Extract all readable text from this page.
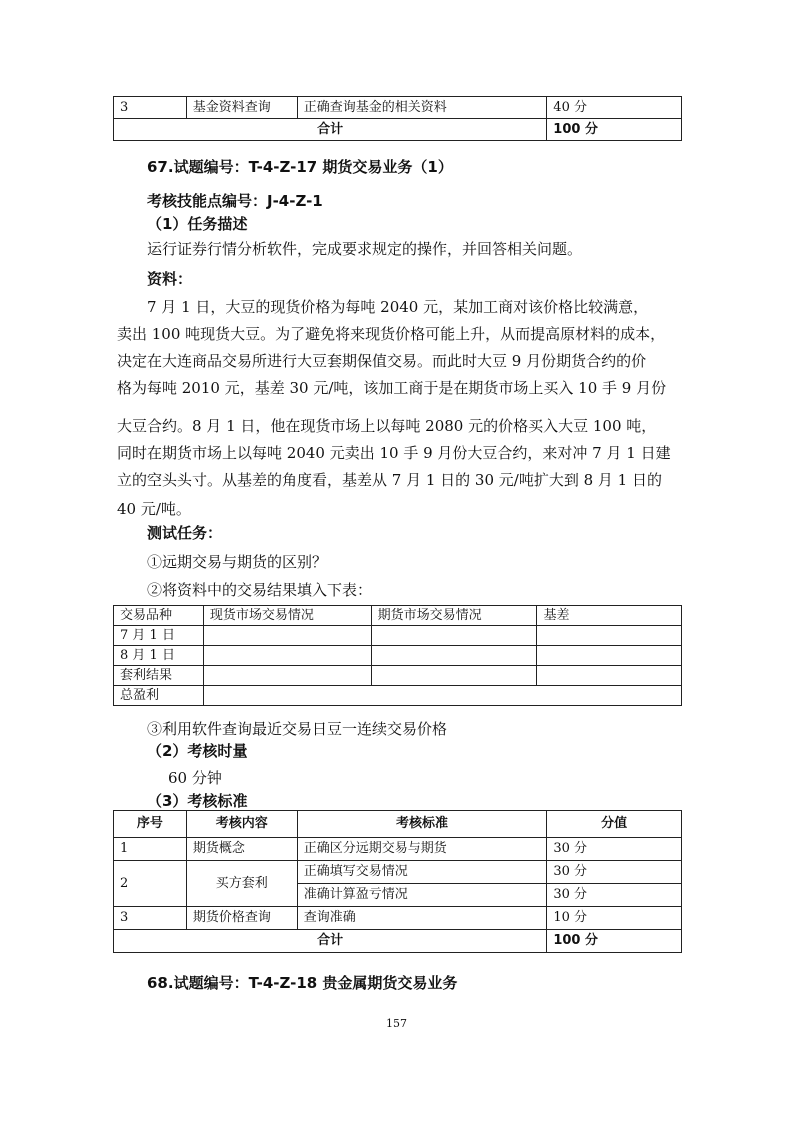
3	基金资料查询	正确查询基金的相关资料	40 分
合计			100 分
67.试题编号：T-4-Z-17 期货交易业务（1）
考核技能点编号：J-4-Z-1
（1）任务描述
运行证券行情分析软件，完成要求规定的操作，并回答相关问题。
资料：
7 月 1 日，大豆的现货价格为每吨 2040 元，某加工商对该价格比较满意，
卖出 100 吨现货大豆。为了避免将来现货价格可能上升，从而提高原材料的成本，
决定在大连商品交易所进行大豆套期保值交易。而此时大豆 9 月份期货合约的价
格为每吨 2010 元，基差 30 元/吨，该加工商于是在期货市场上买入 10 手 9 月份
大豆合约。8 月 1 日，他在现货市场上以每吨 2080 元的价格买入大豆 100 吨，
同时在期货市场上以每吨 2040 元卖出 10 手 9 月份大豆合约，来对冲 7 月 1 日建
立的空头头寸。从基差的角度看，基差从 7 月 1 日的 30 元/吨扩大到 8 月 1 日的
40 元/吨。
测试任务：
①远期交易与期货的区别？
②将资料中的交易结果填入下表：
交易品种	现货市场交易情况	期货市场交易情况	基差
7 月 1 日			
8 月 1 日			
套利结果			
总盈利			
③利用软件查询最近交易日豆一连续交易价格
（2）考核时量
60 分钟
（3）考核标准
序号	考核内容	考核标准	分值
1	期货概念	正确区分远期交易与期货	30 分
2	买方套利	正确填写交易情况	30 分
		准确计算盈亏情况	30 分
3	期货价格查询	查询准确	10 分
合计			100 分
68.试题编号：T-4-Z-18 贵金属期货交易业务
157
